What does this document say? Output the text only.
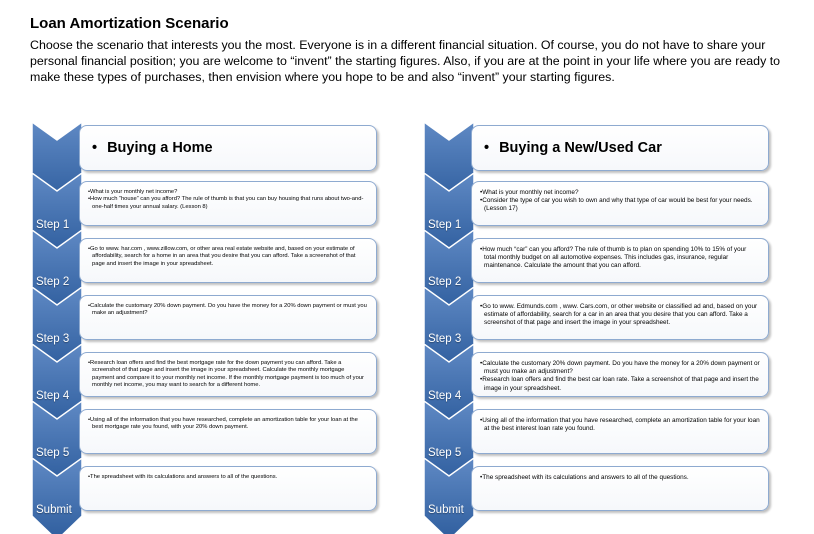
Loan Amortization Scenario
Choose the scenario that interests you the most. Everyone is in a different financial situation. Of course, you do not have to share your personal financial position; you are welcome to “invent” the starting figures. Also, if you are at the point in your life where you are ready to make these types of purchases, then envision where you hope to be and also “invent” your starting figures.
• Buying a Home
Step 1
• What is your monthly net income?
• How much “house” can you afford? The rule of thumb is that you can buy housing that runs about two-and-one-half times your annual salary. (Lesson 8)
Step 2
• Go to www. har.com , www.zillow.com, or other area real estate website and, based on your estimate of affordability, search for a home in an area that you desire that you can afford. Take a screenshot of that page and insert the image in your spreadsheet.
Step 3
• Calculate the customary 20% down payment. Do you have the money for a 20% down payment or must you make an adjustment?
Step 4
• Research loan offers and find the best mortgage rate for the down payment you can afford. Take a screenshot of that page and insert the image in your spreadsheet. Calculate the monthly mortgage payment and compare it to your monthly net income. If the monthly mortgage payment is too much of your monthly net income, you may want to search for a different home.
Step 5
• Using all of the information that you have researched, complete an amortization table for your loan at the best mortgage rate you found, with your 20% down payment.
Submit
• The spreadsheet with its calculations and answers to all of the questions.
• Buying a New/Used Car
Step 1
• What is your monthly net income?
• Consider the type of car you wish to own and why that type of car would be best for your needs. (Lesson 17)
Step 2
• How much “car” can you afford? The rule of thumb is to plan on spending 10% to 15% of your total monthly budget on all automotive expenses. This includes gas, insurance, regular maintenance. Calculate the amount that you can afford.
Step 3
• Go to www. Edmunds.com , www. Cars.com, or other website or classified ad and, based on your estimate of affordability, search for a car in an area that you desire that you can afford. Take a screenshot of that page and insert the image in your spreadsheet.
Step 4
• Calculate the customary 20% down payment. Do you have the money for a 20% down payment or must you make an adjustment?
• Research loan offers and find the best car loan rate. Take a screenshot of that page and insert the image in your spreadsheet.
Step 5
• Using all of the information that you have researched, complete an amortization table for your loan at the best interest loan rate you found.
Submit
• The spreadsheet with its calculations and answers to all of the questions.
